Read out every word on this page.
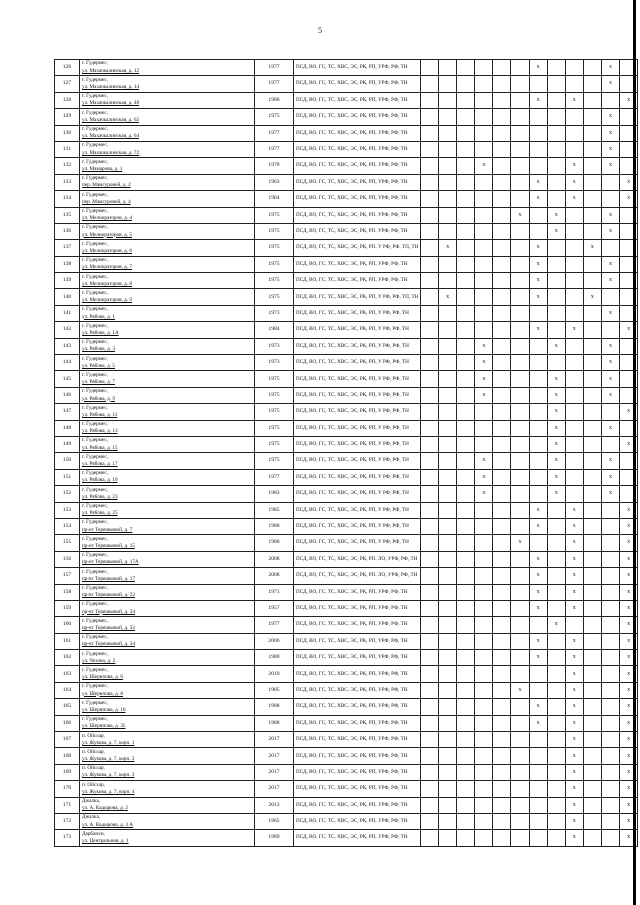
5
126	г. Гудермес,
ул. Махачкалинская, д. 12	1977	ПСД, ВО, ГС, ТС, ХВС, ЭС, РК, РП, УРФ, РФ, ТН							x				x	
127	г. Гудермес,
ул. Махачкалинская, д. 14	1977	ПСД, ВО, ГС, ТС, ХВС, ЭС, РК, РП, УРФ, РФ, ТН											x	
128	г. Гудермес,
ул. Махачкалинская, д. 48	1980	ПСД, ВО, ГС, ТС, ХВС, ЭС, РК, РП, УРФ, РФ, ТН							x		x			x
129	г. Гудермес,
ул. Махачкалинская, д. 62	1975	ПСД, ВО, ГС, ТС, ХВС, ЭС, РК, РП, УРФ, РФ, ТН											x	
130	г. Гудермес,
ул. Махачкалинская, д. 64	1977	ПСД, ВО, ГС, ТС, ХВС, ЭС, РК, РП, УРФ, РФ, ТН											x	
131	г. Гудермес,
ул. Махачкалинская, д. 72	1977	ПСД, ВО, ГС, ТС, ХВС, ЭС, РК, РП, УРФ, РФ, ТН											x	
132	г. Гудермес,
ул. Мамарова, д. 1	1978	ПСД, ВО, ГС, ТС, ХВС, ЭС, РК, РП, УРФ, РФ, ТН				x					x		x	
133	г. Гудермес,
пер. Мамсуровой, д. 2	1963	ПСД, ВО, ГС, ТС, ХВС, ЭС, РК, РП, УРФ, РФ, ТН							x		x			x
134	г. Гудермес,
пер. Мамсуровой, д. 4	1964	ПСД, ВО, ГС, ТС, ХВС, ЭС, РК, РП, УРФ, РФ, ТН							x		x			x
135	г. Гудермес,
ул. Мелиораторов, д. 4	1975	ПСД, ВО, ГС, ТС, ХВС, ЭС, РК, РП, УРФ, РФ, ТН						x		x			x	
136	г. Гудермес,
ул. Мелиораторов, д. 5	1975	ПСД, ВО, ГС, ТС, ХВС, ЭС, РК, РП, УРФ, РФ, ТН								x			x	
137	г. Гудермес,
ул. Мелиораторов, д. 6	1975	ПСД, ВО, ГС, ТС, ХВС, ЭС, РК, РП, У РФ, РФ, ТП, ТН		x					x			x		
138	г. Гудермес,
ул. Мелиораторов, д. 7	1975	ПСД, ВО, ГС, ТС, ХВС, ЭС, РК, РП, УРФ, РФ, ТН							x				x	
139	г. Гудермес,
ул. Мелиораторов, д. 8	1975	ПСД, ВО, ГС, ТС, ХВС, ЭС, РК, РП, УРФ, РФ, ТН							x				x	
140	г. Гудермес,
ул. Мелиораторов, д. 9	1975	ПСД, ВО, ГС, ТС, ХВС, ЭС, РК, РП, У РФ, РФ, ТП, ТН		x					x			x		
141	г. Гудермес,
ул. Рябова, д. 1	1973	ПСД, ВО, ГС, ТС, ХВС, ЭС, РК, РП, У РФ, РФ, ТН											x	
142	г. Гудермес,
ул. Рябова, д. 1А	1984	ПСД, ВО, ГС, ТС, ХВС, ЭС, РК, РП, У РФ, РФ, ТН							x		x			x
143	г. Гудермес,
ул. Рябова, д. 3	1973	ПСД, ВО, ГС, ТС, ХВС, ЭС, РК, РП, У РФ, РФ, ТН				x				x			x	
144	г. Гудермес,
ул. Рябова, д. 5	1973	ПСД, ВО, ГС, ТС, ХВС, ЭС, РК, РП, У РФ, РФ, ТН				x							x	
145	г. Гудермес,
ул. Рябова, д. 7	1975	ПСД, ВО, ГС, ТС, ХВС, ЭС, РК, РП, У РФ, РФ, ТН				x				x			x	
146	г. Гудермес,
ул. Рябова, д. 9	1975	ПСД, ВО, ГС, ТС, ХВС, ЭС, РК, РП, У РФ, РФ, ТН				x				x			x	
147	г. Гудермес,
ул. Рябова, д. 11	1975	ПСД, ВО, ГС, ТС, ХВС, ЭС, РК, РП, У РФ, РФ, ТН								x				x
148	г. Гудермес,
ул. Рябова, д. 13	1975	ПСД, ВО, ГС, ТС, ХВС, ЭС, РК, РП, У РФ, РФ, ТН								x			x	
149	г. Гудермес,
ул. Рябова, д. 15	1975	ПСД, ВО, ГС, ТС, ХВС, ЭС, РК, РП, У РФ, РФ, ТН								x				x
150	г. Гудермес,
ул. Рябова, д. 17	1975	ПСД, ВО, ГС, ТС, ХВС, ЭС, РК, РП, У РФ, РФ, ТН				x				x			x	
151	г. Гудермес,
ул. Рябова, д. 19	1977	ПСД, ВО, ГС, ТС, ХВС, ЭС, РК, РП, У РФ, РФ, ТН				x				x			x	
152	г. Гудермес,
ул. Рябова, д. 23	1983	ПСД, ВО, ГС, ТС, ХВС, ЭС, РК, РП, У РФ, РФ, ТН				x				x			x	
153	г. Гудермес,
ул. Рябова, д. 25	1985	ПСД, ВО, ГС, ТС, ХВС, ЭС, РК, РП, У РФ, РФ, ТН							x		x			x
154	г. Гудермес,
пр-кт Терешковой, д. 7	1988	ПСД, ВО, ГС, ТС, ХВС, ЭС, РК, РП, У РФ, РФ, ТН							x		x			x
155	г. Гудермес,
пр-кт Терешковой, д. 15	1980	ПСД, ВО, ГС, ТС, ХВС, ЭС, РК, РП, У РФ, РФ, ТН						x			x			x
156	г. Гудермес,
пр-кт Терешковой, д. 17А	2008	ПСД, ВО, ГС, ТС, ХВС, ЭС, РК, РП, ЛО, УРФ, РФ, ТН							x		x			x
157	г. Гудермес,
пр-кт Терешковой, д. 17	2008	ПСД, ВО, ГС, ТС, ХВС, ЭС, РК, РП, ЛО, УРФ, РФ, ТН							x		x			x
158	г. Гудермес,
пр-кт Терешковой, д. 22	1971	ПСД, ВО, ГС, ТС, ХВС, ЭС, РК, РП, УРФ, РФ, ТН							x		x			x
159	г. Гудермес,
пр-кт Терешковой, д. 24	1957	ПСД, ВО, ГС, ТС, ХВС, ЭС, РК, РП, УРФ, РФ, ТН							x		x			x
160	г. Гудермес,
пр-кт Терешковой, д. 32	1977	ПСД, ВО, ГС, ТС, ХВС, ЭС, РК, РП, УРФ, РФ, ТН								x				x
161	г. Гудермес,
пр-кт Терешковой, д. 34	2006	ПСД, ВО, ГС, ТС, ХВС, ЭС, РК, РП, УРФ, РФ, ТН							x		x			x
162	г. Гудермес,
ул. Чехова, д. 2	1980	ПСД, ВО, ГС, ТС, ХВС, ЭС, РК, РП, УРФ, РФ, ТН							x		x			x
163	г. Гудермес,
ул. Шерипова, д. 6	2010	ПСД, ВО, ГС, ТС, ХВС, ЭС, РК, РП, УРФ, РФ, ТН									x			x
164	г. Гудермес,
ул. Шерипова, д. 8	1985	ПСД, ВО, ГС, ТС, ХВС, ЭС, РК, РП, УРФ, РФ, ТН						x			x			x
165	г. Гудермес,
ул. Шерипова, д. 10	1988	ПСД, ВО, ГС, ТС, ХВС, ЭС, РК, РП, УРФ, РФ, ТН							x		x			x
166	г. Гудермес,
ул. Шерипова, д. 35	1988	ПСД, ВО, ГС, ТС, ХВС, ЭС, РК, РП, УРФ, РФ, ТН							x		x			x
167	п. Ойсхар,
ул. Жукова, д. 7, корп. 1	2017	ПСД, ВО, ГС, ТС, ХВС, ЭС, РК, РП, УРФ, РФ, ТН									x			x
168	п. Ойсхар,
ул. Жукова, д. 7, корп. 2	2017	ПСД, ВО, ГС, ТС, ХВС, ЭС, РК, РП, УРФ, РФ, ТН									x			x
169	п. Ойсхар,
ул. Жукова, д. 7, корп. 3	2017	ПСД, ВО, ГС, ТС, ХВС, ЭС, РК, РП, УРФ, РФ, ТН									x			x
170	п. Ойсхар,
ул. Жукова, д. 7, корп. 4	2017	ПСД, ВО, ГС, ТС, ХВС, ЭС, РК, РП, УРФ, РФ, ТН									x			x
171	Джалка,
ул. А. Кадырова, д. 2	2013	ПСД, ВО, ГС, ТС, ХВС, ЭС, РК, РП, УРФ, РФ, ТН									x			x
172	Джалка,
ул. А. Кадырова, д. 3 А	1965	ПСД, ВО, ГС, ТС, ХВС, ЭС, РК, РП, УРФ, РФ, ТН									x			x
173	Дарбанхи,
ул. Центральная, д. 1	1989	ПСД, ВО, ГС, ТС, ХВС, ЭС, РК, РП, УРФ, РФ, ТН									x			x
